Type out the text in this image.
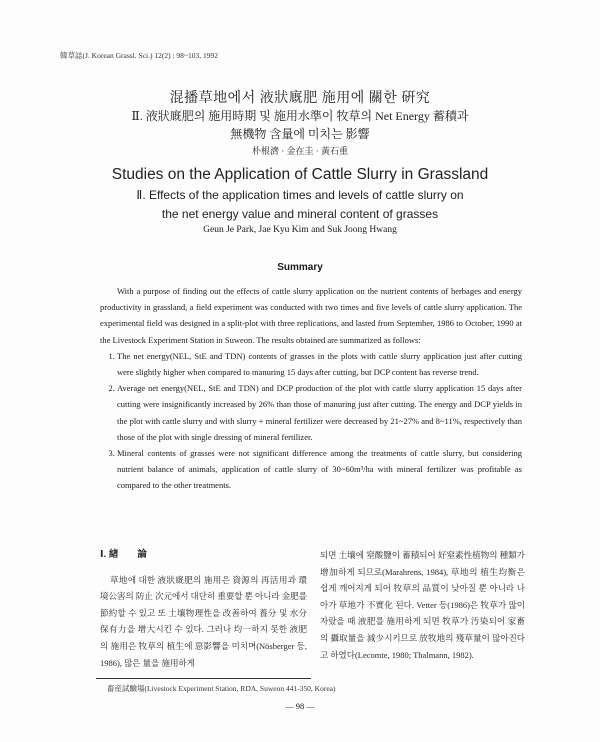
韓草誌(J. Korean Grassl. Sci.) 12(2) : 98~103, 1992
混播草地에서 液狀廐肥 施用에 關한 硏究
Ⅱ. 液狀廐肥의 施用時期 및 施用水準이 牧草의 Net Energy 蓄積과
無機物 含量에 미치는 影響
朴根濟 · 金在圭 · 黃石重
Studies on the Application of Cattle Slurry in Grassland
Ⅱ. Effects of the application times and levels of cattle slurry on
the net energy value and mineral content of grasses
Geun Je Park, Jae Kyu Kim and Suk Joong Hwang
Summary

With a purpose of finding out the effects of cattle slurry application on the nutrient contents of herbages and energy productivity in grassland, a field experiment was conducted with two times and five levels of cattle slurry application. The experimental field was designed in a split-plot with three replications, and lasted from September, 1986 to October, 1990 at the Livestock Experiment Station in Suweon. The results obtained are summarized as follows:

1. The net energy(NEL, StE and TDN) contents of grasses in the plots with cattle slurry application just after cutting were slightly higher when compared to manuring 15 days after cutting, but DCP content has reverse trend.
2. Average net energy(NEL, StE and TDN) and DCP production of the plot with cattle slurry application 15 days after cutting were insignificantly increased by 26% than those of manuring just after cutting. The energy and DCP yields in the plot with cattle slurry and with slurry + mineral fertilizer were decreased by 21~27% and 8~11%, respectively than those of the plot with single dressing of mineral fertilizer.
3. Mineral contents of grasses were not significant difference among the treatments of cattle slurry, but considering nutrient balance of animals, application of cattle slurry of 30~60m³/ha with mineral fertilizer was profitable as compared to the other treatments.
Ⅰ. 緖　　論

草地에 대한 液狀廐肥의 施用은 資源의 再活用과 環境公害의 防止 次元에서 대단히 重要할 뿐 아니라 金肥를 節約할 수 있고 또 土壤物理性을 改善하여 養分 및 水分保有力을 增大시킨 수 있다. 그러나 均一하지 못한 液肥의 施用은 牧草의 植生에 惡影響을 미치며(Nösberger 등, 1986), 많은 量을 施用하게

되면 土壤에 窒酸鹽이 蓄積되어 好窒素性植物의 種類가 增加하게 되므로(Marahrens, 1984), 草地의 植生均衡은 쉽게 깨어지게 되어 牧草의 品質이 낮아질 뿐 아니라 나아가 草地가 不實化 된다. Vetter 등(1986)은 牧草가 많이 자랐을 때 液肥를 施用하게 되면 牧草가 汚染되어 家畜의 攝取量을 減少시키므로 放牧地의 殘草量이 많아진다고 하였다(Lecomte, 1980; Thalmann, 1982).

畜産試驗場(Livestock Experiment Station, RDA, Suweon 441-350, Korea)
— 98 —
